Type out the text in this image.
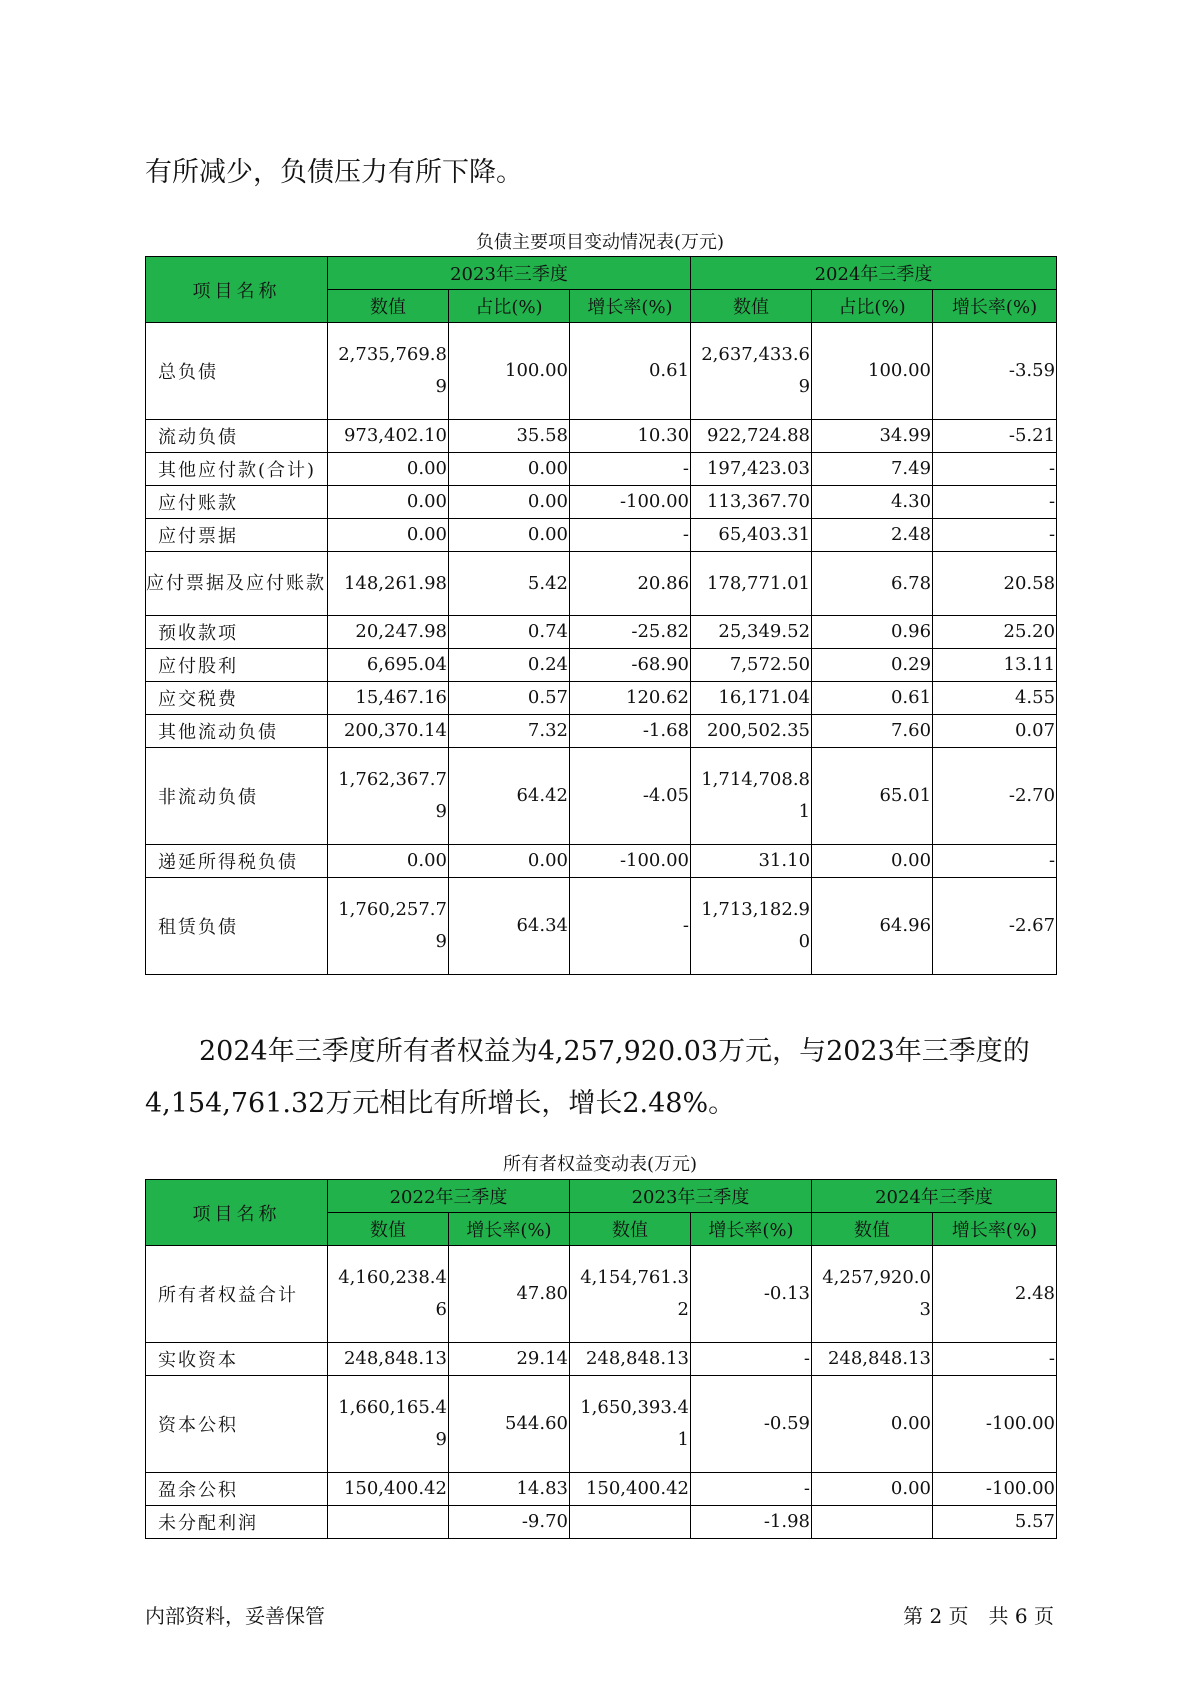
有所减少，负债压力有所下降。

负债主要项目变动情况表(万元)

项目名称	2023年三季度			2024年三季度		
	数值	占比(%)	增长率(%)	数值	占比(%)	增长率(%)
总负债	2,735,769.89	100.00	0.61	2,637,433.69	100.00	-3.59
流动负债	973,402.10	35.58	10.30	922,724.88	34.99	-5.21
其他应付款(合计)	0.00	0.00	-	197,423.03	7.49	-
应付账款	0.00	0.00	-100.00	113,367.70	4.30	-
应付票据	0.00	0.00	-	65,403.31	2.48	-
应付票据及应付账款	148,261.98	5.42	20.86	178,771.01	6.78	20.58
预收款项	20,247.98	0.74	-25.82	25,349.52	0.96	25.20
应付股利	6,695.04	0.24	-68.90	7,572.50	0.29	13.11
应交税费	15,467.16	0.57	120.62	16,171.04	0.61	4.55
其他流动负债	200,370.14	7.32	-1.68	200,502.35	7.60	0.07
非流动负债	1,762,367.79	64.42	-4.05	1,714,708.81	65.01	-2.70
递延所得税负债	0.00	0.00	-100.00	31.10	0.00	-
租赁负债	1,760,257.79	64.34	-	1,713,182.90	64.96	-2.67

2024年三季度所有者权益为4,257,920.03万元，与2023年三季度的4,154,761.32万元相比有所增长，增长2.48%。

所有者权益变动表(万元)

项目名称	2022年三季度		2023年三季度		2024年三季度	
	数值	增长率(%)	数值	增长率(%)	数值	增长率(%)
所有者权益合计	4,160,238.46	47.80	4,154,761.32	-0.13	4,257,920.03	2.48
实收资本	248,848.13	29.14	248,848.13	-	248,848.13	-
资本公积	1,660,165.49	544.60	1,650,393.41	-0.59	0.00	-100.00
盈余公积	150,400.42	14.83	150,400.42	-	0.00	-100.00
未分配利润		-9.70		-1.98		5.57

内部资料，妥善保管	第 2 页　共 6 页
